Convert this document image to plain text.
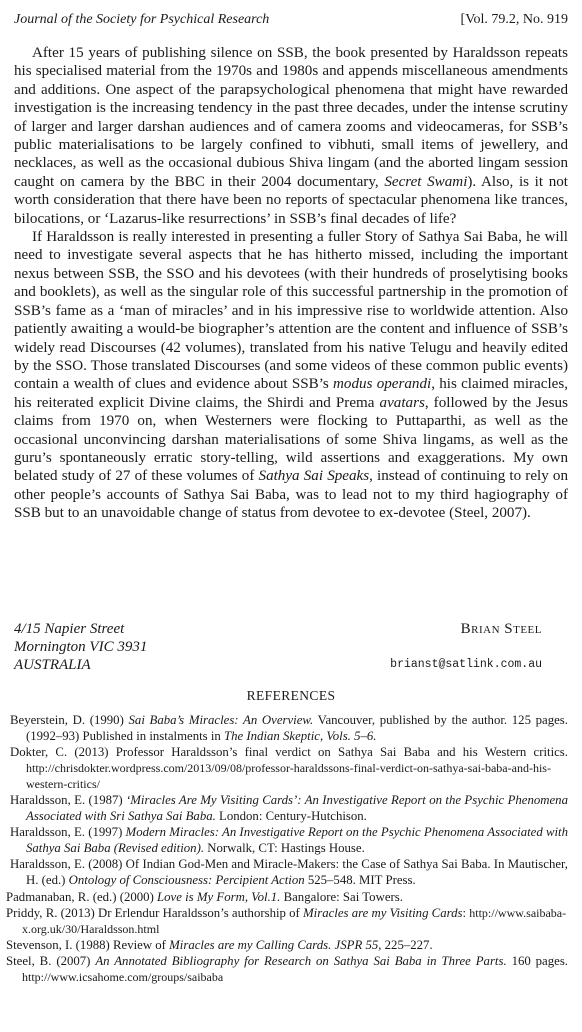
Journal of the Society for Psychical Research	[Vol. 79.2, No. 919

After 15 years of publishing silence on SSB, the book presented by Haraldsson repeats his specialised material from the 1970s and 1980s and appends miscellaneous amendments and additions. One aspect of the parapsychological phenomena that might have rewarded investigation is the increasing tendency in the past three decades, under the intense scrutiny of larger and larger darshan audiences and of camera zooms and videocameras, for SSB’s public materialisations to be largely confined to vibhuti, small items of jewellery, and necklaces, as well as the occasional dubious Shiva lingam (and the aborted lingam session caught on camera by the BBC in their 2004 documentary, Secret Swami). Also, is it not worth consideration that there have been no reports of spectacular phenomena like trances, bilocations, or ‘Lazarus-like resurrections’ in SSB’s final decades of life?

If Haraldsson is really interested in presenting a fuller Story of Sathya Sai Baba, he will need to investigate several aspects that he has hitherto missed, including the important nexus between SSB, the SSO and his devotees (with their hundreds of proselytising books and booklets), as well as the singular role of this successful partnership in the promotion of SSB’s fame as a ‘man of miracles’ and in his impressive rise to worldwide attention. Also patiently awaiting a would-be biographer’s attention are the content and influence of SSB’s widely read Discourses (42 volumes), translated from his native Telugu and heavily edited by the SSO. Those translated Discourses (and some videos of these common public events) contain a wealth of clues and evidence about SSB’s modus operandi, his claimed miracles, his reiterated explicit Divine claims, the Shirdi and Prema avatars, followed by the Jesus claims from 1970 on, when Westerners were flocking to Puttaparthi, as well as the occasional unconvincing darshan materialisations of some Shiva lingams, as well as the guru’s spontaneously erratic story-telling, wild assertions and exaggerations. My own belated study of 27 of these volumes of Sathya Sai Speaks, instead of continuing to rely on other people’s accounts of Sathya Sai Baba, was to lead not to my third hagiography of SSB but to an unavoidable change of status from devotee to ex-devotee (Steel, 2007).

4/15 Napier Street
Mornington VIC 3931
AUSTRALIA
Brian Steel
brianst@satlink.com.au
REFERENCES

Beyerstein, D. (1990) Sai Baba’s Miracles: An Overview. Vancouver, published by the author. 125 pages. (1992–93) Published in instalments in The Indian Skeptic, Vols. 5–6.

Dokter, C. (2013) Professor Haraldsson’s final verdict on Sathya Sai Baba and his Western critics. http://chrisdokter.wordpress.com/2013/09/08/professor-haraldssons-final-verdict-on-sathya-sai-baba-and-his-western-critics/

Haraldsson, E. (1987) ‘Miracles Are My Visiting Cards’: An Investigative Report on the Psychic Phenomena Associated with Sri Sathya Sai Baba. London: Century-Hutchison.

Haraldsson, E. (1997) Modern Miracles: An Investigative Report on the Psychic Phenomena Associated with Sathya Sai Baba (Revised edition). Norwalk, CT: Hastings House.

Haraldsson, E. (2008) Of Indian God-Men and Miracle-Makers: the Case of Sathya Sai Baba. In Mautischer, H. (ed.) Ontology of Consciousness: Percipient Action 525–548. MIT Press.

Padmanaban, R. (ed.) (2000) Love is My Form, Vol.1. Bangalore: Sai Towers.

Priddy, R. (2013) Dr Erlendur Haraldsson’s authorship of Miracles are my Visiting Cards: http://www.saibaba-x.org.uk/30/Haraldsson.html

Stevenson, I. (1988) Review of Miracles are my Calling Cards. JSPR 55, 225–227.

Steel, B. (2007) An Annotated Bibliography for Research on Sathya Sai Baba in Three Parts. 160 pages. http://www.icsahome.com/groups/saibaba
